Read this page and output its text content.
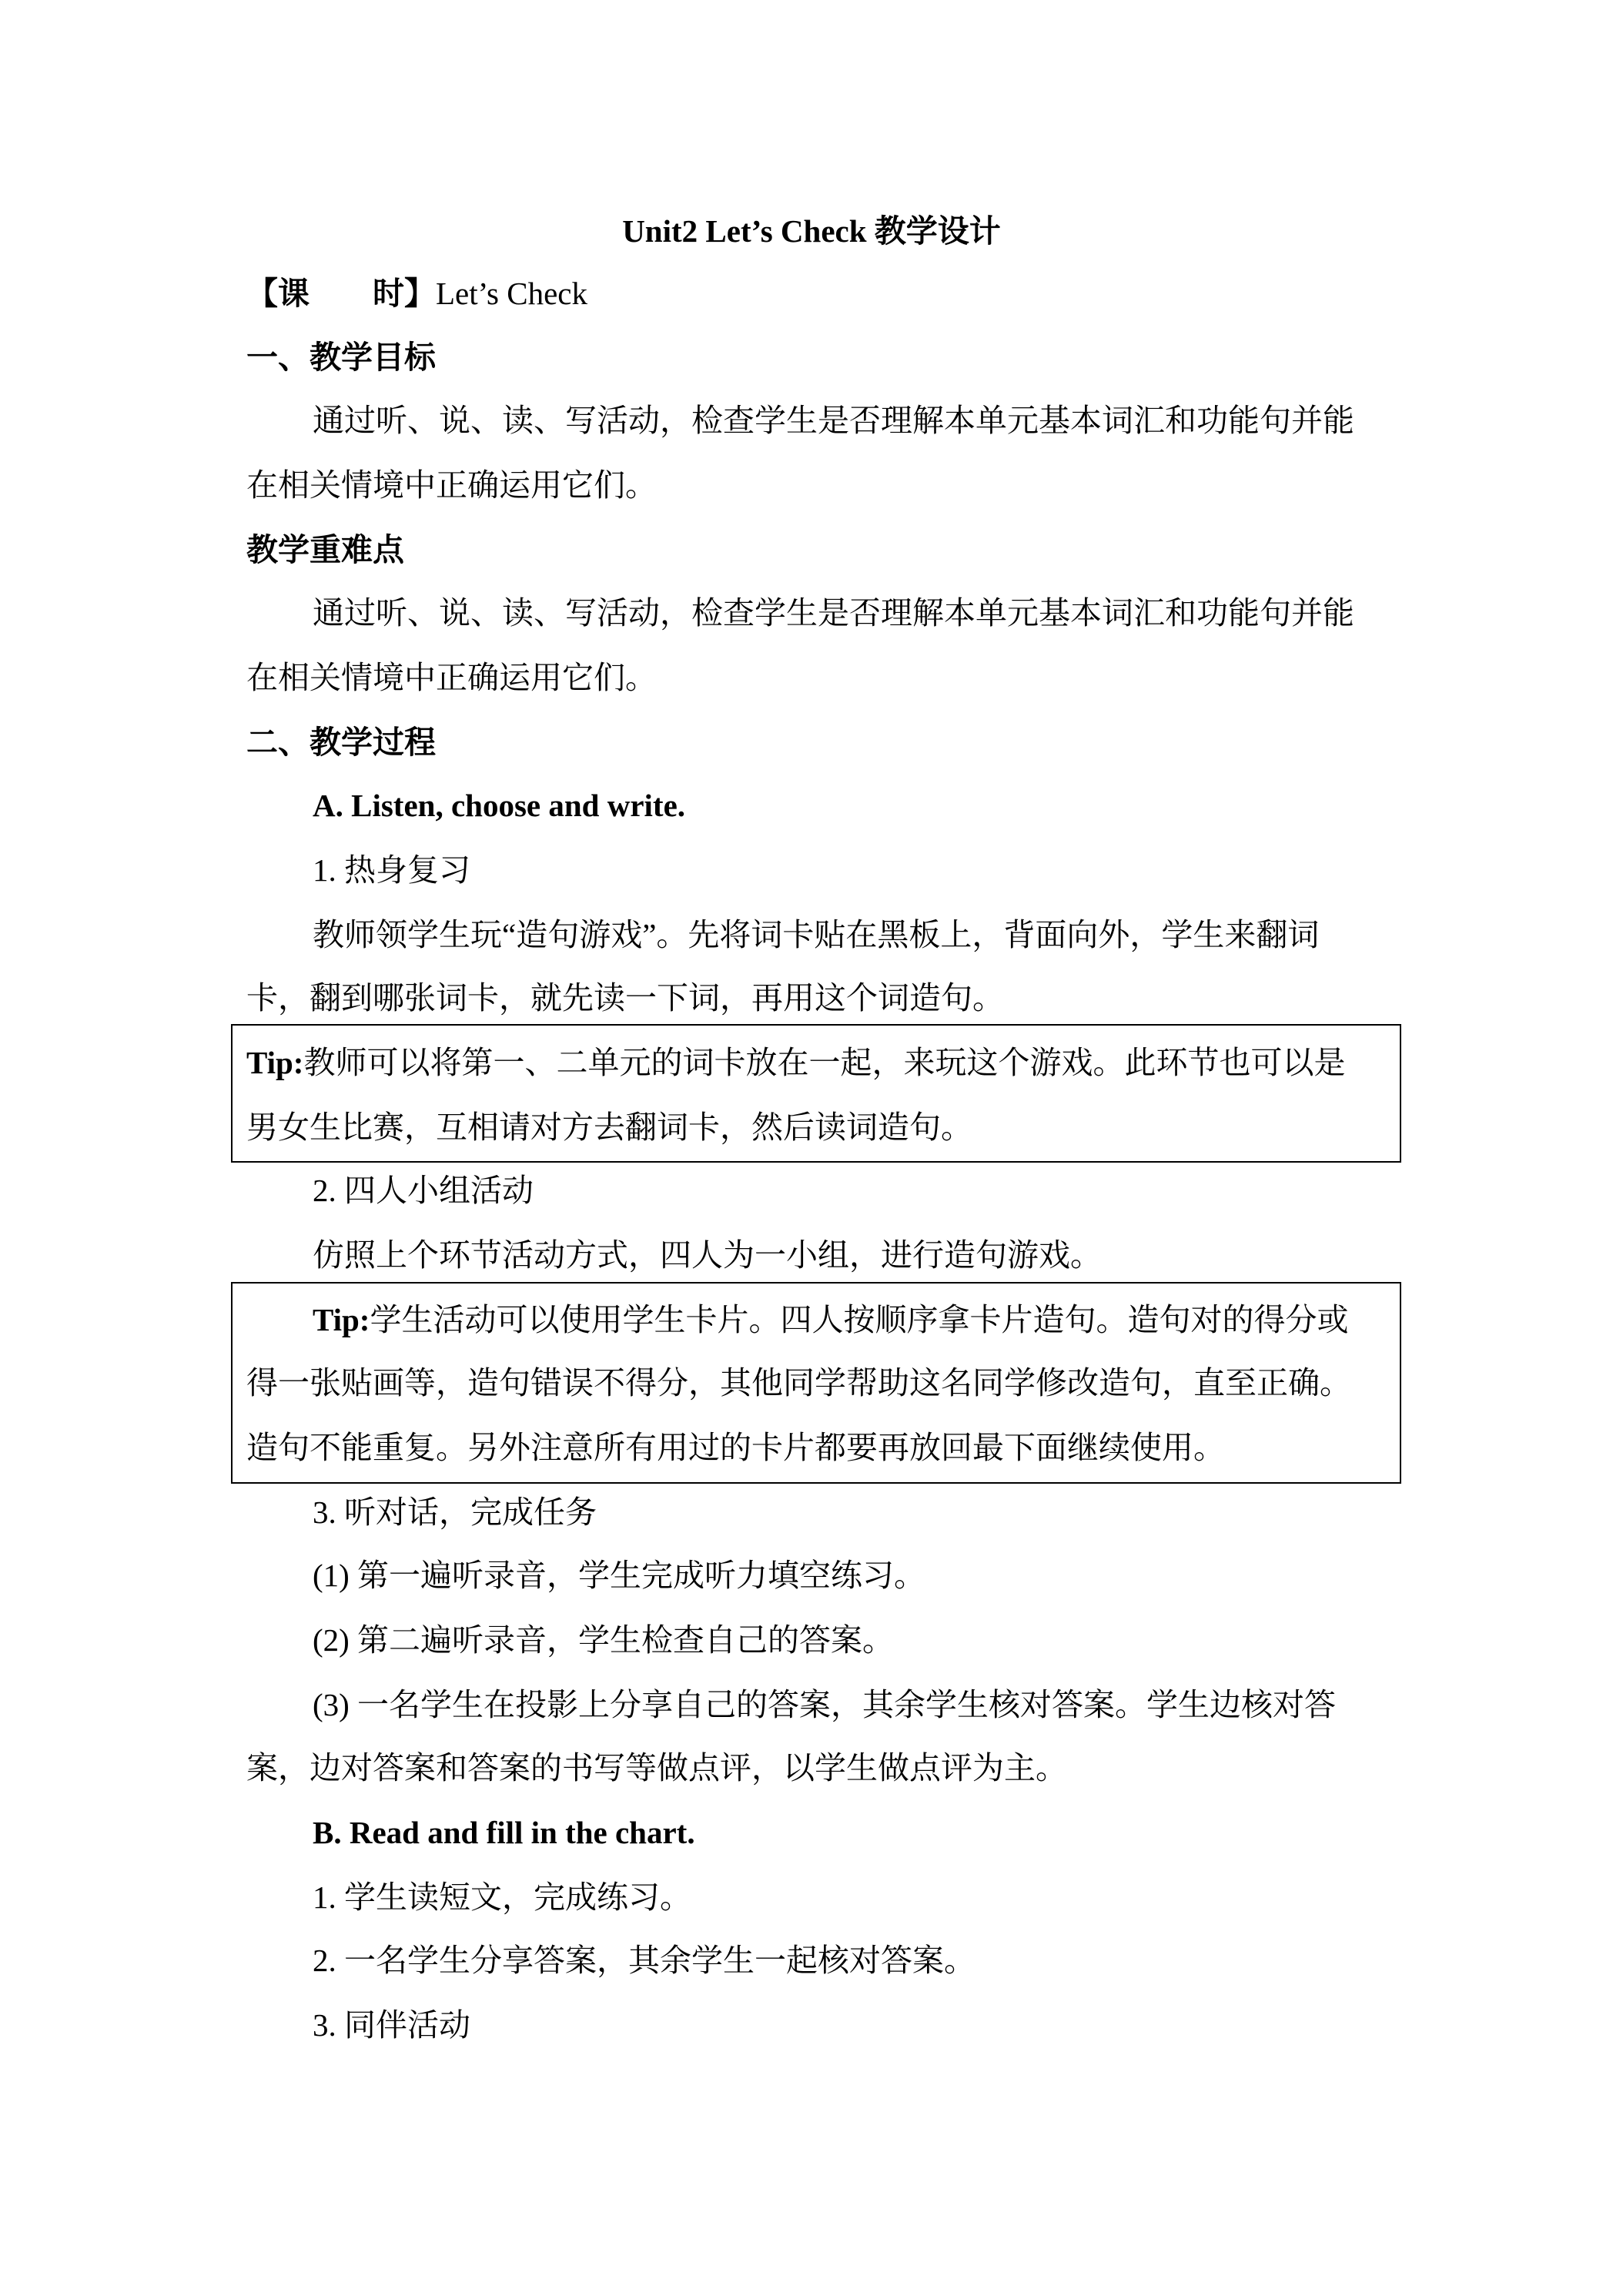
Unit2 Let’s Check 教学设计
【课 时】Let’s Check
一、教学目标
通过听、说、读、写活动，检查学生是否理解本单元基本词汇和功能句并能
在相关情境中正确运用它们。
教学重难点
通过听、说、读、写活动，检查学生是否理解本单元基本词汇和功能句并能
在相关情境中正确运用它们。
二、教学过程
A. Listen, choose and write.
1. 热身复习
教师领学生玩“造句游戏”。先将词卡贴在黑板上，背面向外，学生来翻词
卡，翻到哪张词卡，就先读一下词，再用这个词造句。
Tip:教师可以将第一、二单元的词卡放在一起，来玩这个游戏。此环节也可以是
男女生比赛，互相请对方去翻词卡，然后读词造句。
2. 四人小组活动
仿照上个环节活动方式，四人为一小组，进行造句游戏。
Tip:学生活动可以使用学生卡片。四人按顺序拿卡片造句。造句对的得分或
得一张贴画等，造句错误不得分，其他同学帮助这名同学修改造句，直至正确。
造句不能重复。另外注意所有用过的卡片都要再放回最下面继续使用。
3. 听对话，完成任务
(1) 第一遍听录音，学生完成听力填空练习。
(2) 第二遍听录音，学生检查自己的答案。
(3) 一名学生在投影上分享自己的答案，其余学生核对答案。学生边核对答
案，边对答案和答案的书写等做点评，以学生做点评为主。
B. Read and fill in the chart.
1. 学生读短文，完成练习。
2. 一名学生分享答案，其余学生一起核对答案。
3. 同伴活动
